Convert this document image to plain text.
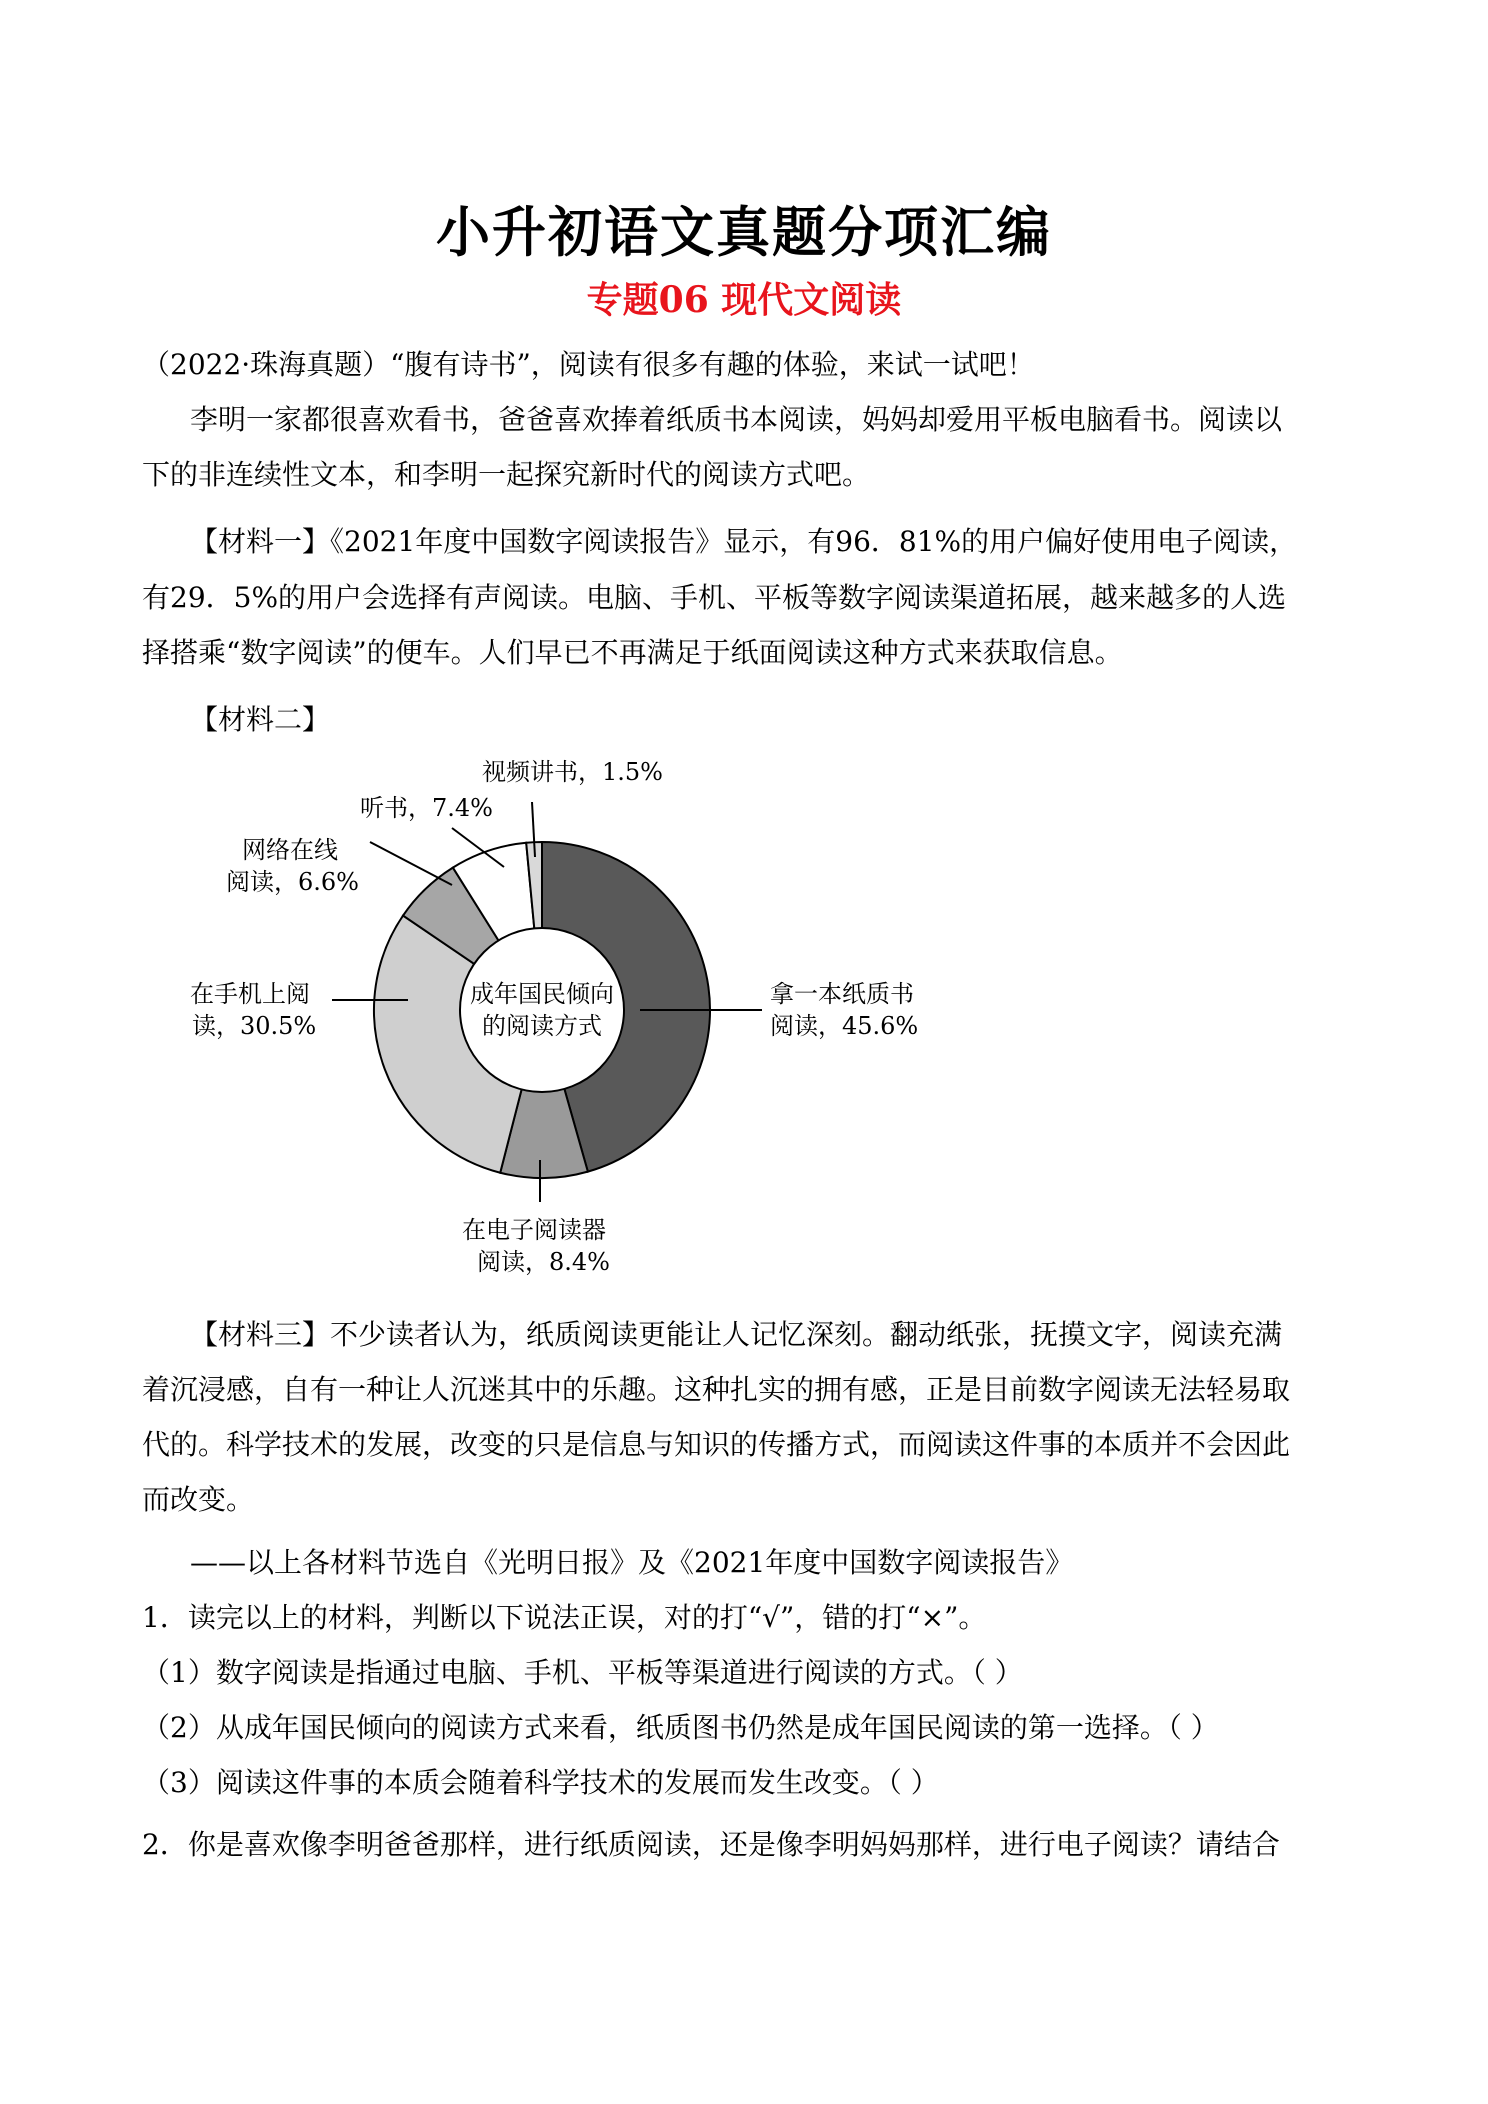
小升初语文真题分项汇编
专题06 现代文阅读
（2022·珠海真题）“腹有诗书”，阅读有很多有趣的体验，来试一试吧！
李明一家都很喜欢看书，爸爸喜欢捧着纸质书本阅读，妈妈却爱用平板电脑看书。阅读以
下的非连续性文本，和李明一起探究新时代的阅读方式吧。
【材料一】《2021年度中国数字阅读报告》显示，有96．81%的用户偏好使用电子阅读，
有29．5%的用户会选择有声阅读。电脑、手机、平板等数字阅读渠道拓展，越来越多的人选
择搭乘“数字阅读”的便车。人们早已不再满足于纸面阅读这种方式来获取信息。
【材料二】
成年国民倾向
的阅读方式
拿一本纸质书
阅读，45.6%
在电子阅读器
阅读，8.4%
在手机上阅
读，30.5%
网络在线
阅读，6.6%
听书，7.4%
视频讲书，1.5%
【材料三】不少读者认为，纸质阅读更能让人记忆深刻。翻动纸张，抚摸文字，阅读充满
着沉浸感，自有一种让人沉迷其中的乐趣。这种扎实的拥有感，正是目前数字阅读无法轻易取
代的。科学技术的发展，改变的只是信息与知识的传播方式，而阅读这件事的本质并不会因此
而改变。
——以上各材料节选自《光明日报》及《2021年度中国数字阅读报告》
1．读完以上的材料，判断以下说法正误，对的打“√”，错的打“×”。
（1）数字阅读是指通过电脑、手机、平板等渠道进行阅读的方式。（ ）
（2）从成年国民倾向的阅读方式来看，纸质图书仍然是成年国民阅读的第一选择。（ ）
（3）阅读这件事的本质会随着科学技术的发展而发生改变。（ ）
2．你是喜欢像李明爸爸那样，进行纸质阅读，还是像李明妈妈那样，进行电子阅读？请结合
